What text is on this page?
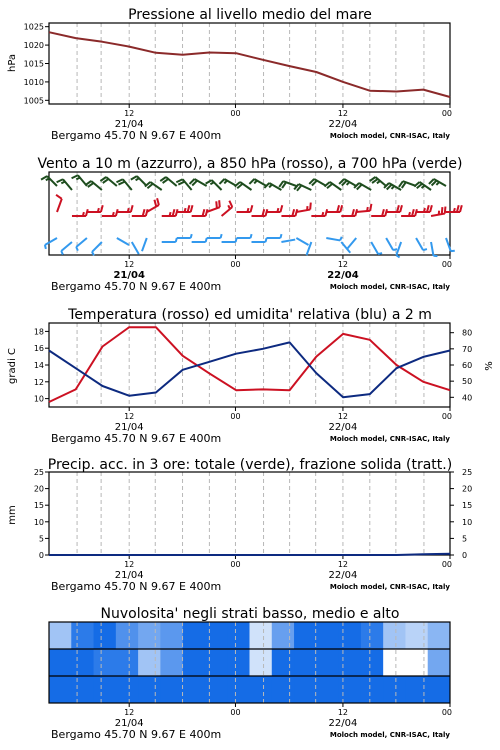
Pressione al livello medio del mare
hPa
12	00	12	00
21/04	22/04
Bergamo 45.70 N 9.67 E 400m	Moloch model, CNR-ISAC, Italy
1005
1010
1015
1020
1025
Vento a 10 m (azzurro), a 850 hPa (rosso), a 700 hPa (verde)
12	00	12	00
21/04	22/04
Bergamo 45.70 N 9.67 E 400m	Moloch model, CNR-ISAC, Italy
Temperatura (rosso) ed umidita' relativa (blu) a 2 m
gradi C	%
12	00	12	00
21/04	22/04
Bergamo 45.70 N 9.67 E 400m	Moloch model, CNR-ISAC, Italy
10
12
14
16
18
40
50
60
70
80
Precip. acc. in 3 ore: totale (verde), frazione solida (tratt.)
mm
12	00	12	00
21/04	22/04
Bergamo 45.70 N 9.67 E 400m	Moloch model, CNR-ISAC, Italy
0
5
10
15
20
25
0
5
10
15
20
25
Nuvolosita' negli strati basso, medio e alto
12	00	12	00
21/04	22/04
Bergamo 45.70 N 9.67 E 400m	Moloch model, CNR-ISAC, Italy
